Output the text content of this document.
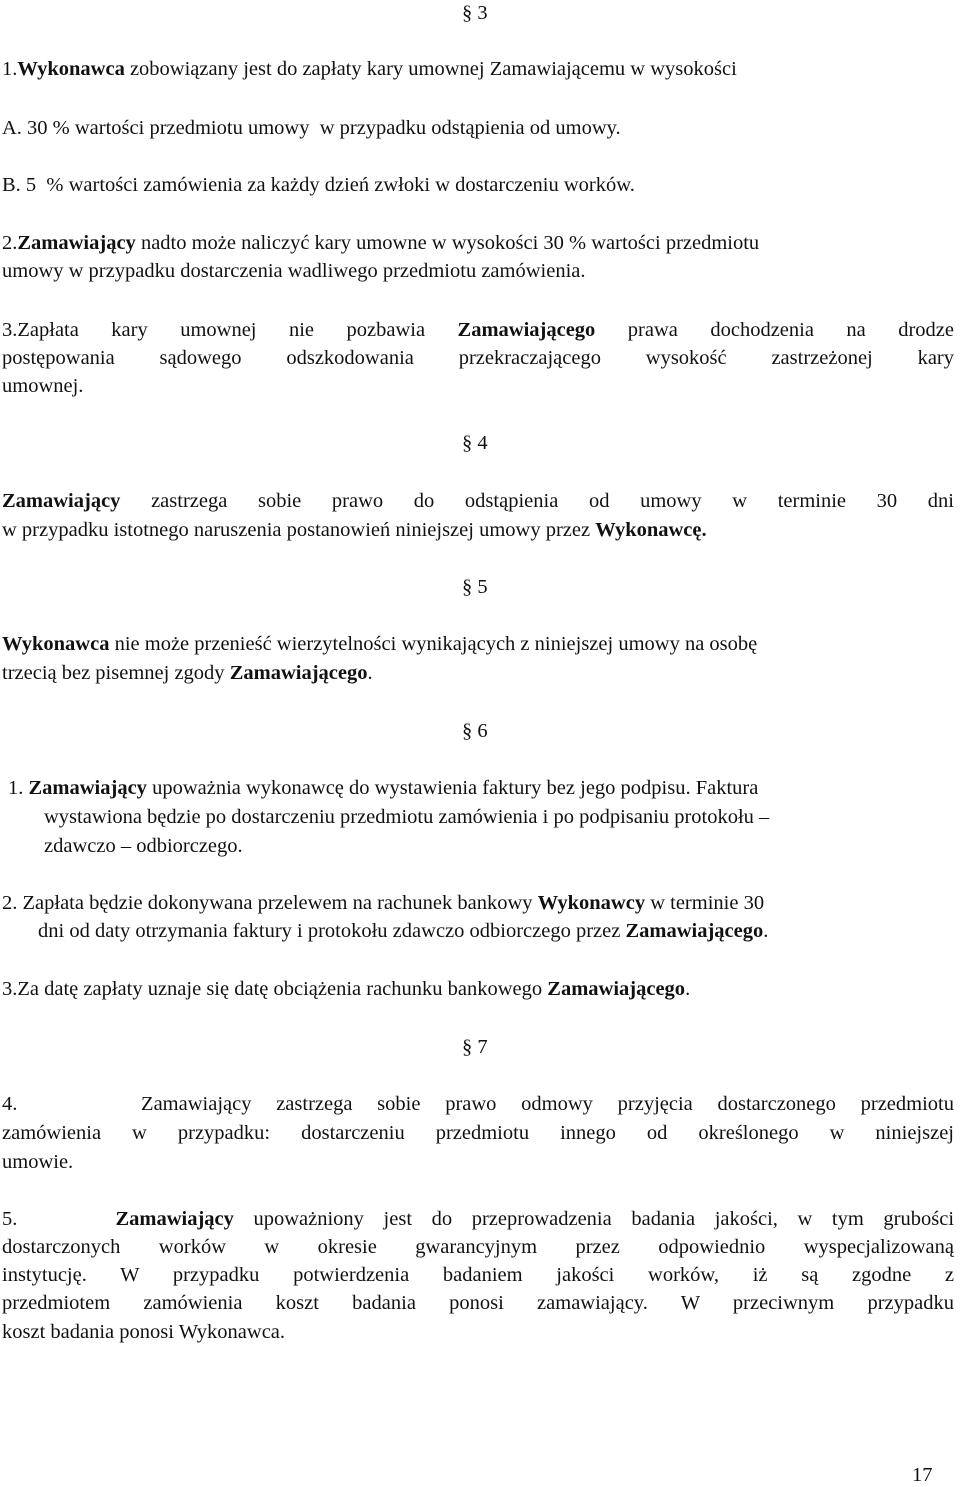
§ 3
1.Wykonawca zobowiązany jest do zapłaty kary umownej Zamawiającemu w wysokości
A. 30 % wartości przedmiotu umowy  w przypadku odstąpienia od umowy.
B. 5  % wartości zamówienia za każdy dzień zwłoki w dostarczeniu worków.
2.Zamawiający nadto może naliczyć kary umowne w wysokości 30 % wartości przedmiotu
umowy w przypadku dostarczenia wadliwego przedmiotu zamówienia.
3.Zapłata kary umownej nie pozbawia Zamawiającego prawa dochodzenia na drodze
postępowania sądowego odszkodowania przekraczającego wysokość zastrzeżonej kary
umownej.
§ 4
Zamawiający zastrzega sobie prawo do odstąpienia od umowy w terminie 30 dni
w przypadku istotnego naruszenia postanowień niniejszej umowy przez Wykonawcę.
§ 5
Wykonawca nie może przenieść wierzytelności wynikających z niniejszej umowy na osobę
trzecią bez pisemnej zgody Zamawiającego.
§ 6
1. Zamawiający upoważnia wykonawcę do wystawienia faktury bez jego podpisu. Faktura
wystawiona będzie po dostarczeniu przedmiotu zamówienia i po podpisaniu protokołu –
zdawczo – odbiorczego.
2. Zapłata będzie dokonywana przelewem na rachunek bankowy Wykonawcy w terminie 30
dni od daty otrzymania faktury i protokołu zdawczo odbiorczego przez Zamawiającego.
3.Za datę zapłaty uznaje się datę obciążenia rachunku bankowego Zamawiającego.
§ 7
4.     Zamawiający zastrzega sobie prawo odmowy przyjęcia dostarczonego przedmiotu
zamówienia w przypadku: dostarczeniu przedmiotu innego od określonego w niniejszej
umowie.
5.     Zamawiający upoważniony jest do przeprowadzenia badania jakości, w tym grubości
dostarczonych worków w okresie gwarancyjnym przez odpowiednio wyspecjalizowaną
instytucję. W przypadku potwierdzenia badaniem jakości worków, iż są zgodne z
przedmiotem zamówienia koszt badania ponosi zamawiający. W przeciwnym przypadku
koszt badania ponosi Wykonawca.
17
